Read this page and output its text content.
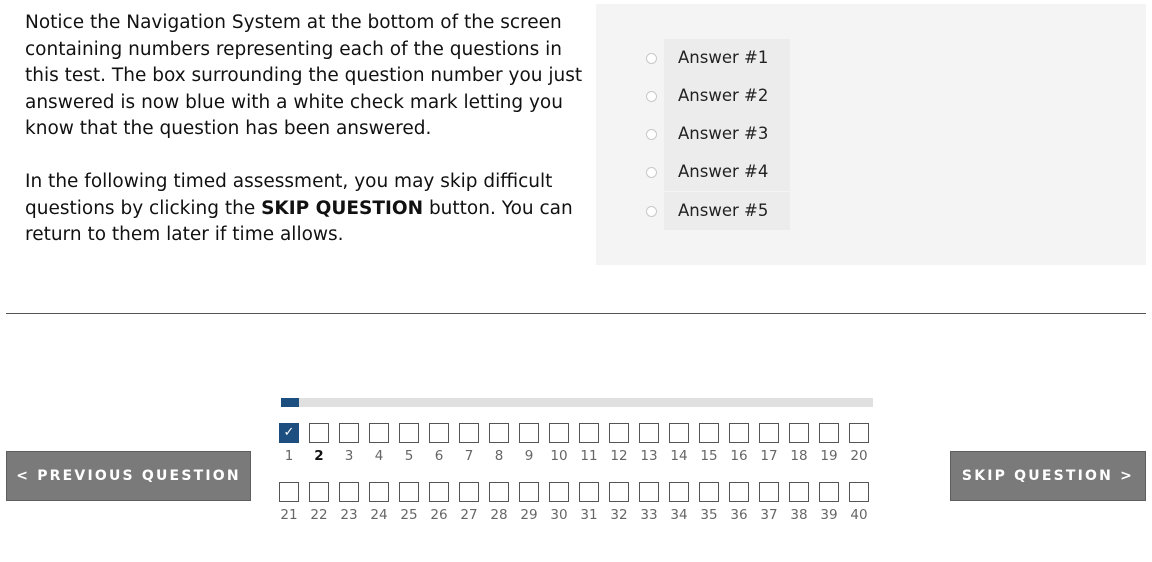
Notice the Navigation System at the bottom of the screen containing numbers representing each of the questions in this test. The box surrounding the question number you just answered is now blue with a white check mark letting you know that the question has been answered.

In the following timed assessment, you may skip difficult questions by clicking the SKIP QUESTION button. You can return to them later if time allows.

Answer #1
Answer #2
Answer #3
Answer #4
Answer #5
✓
1	2	3	4	5	6	7	8	9	10 11 12 13 14 15 16 17 18 19 20
21 22 23 24 25 26 27 28 29 30 31 32 33 34 35 36 37 38 39 40
< PREVIOUS QUESTION	SKIP QUESTION >
